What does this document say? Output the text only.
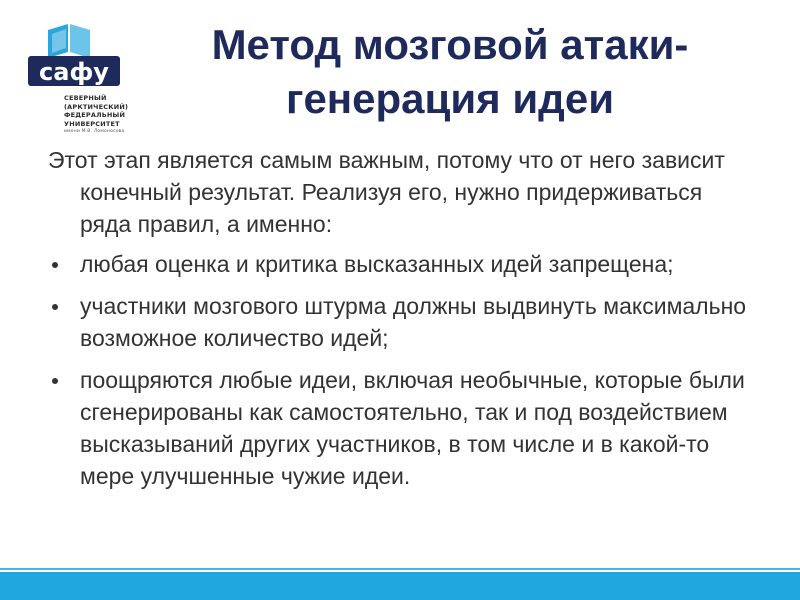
сафу
СЕВЕРНЫЙ
(АРКТИЧЕСКИЙ)
ФЕДЕРАЛЬНЫЙ
УНИВЕРСИТЕТ
имени М.В. Ломоносова
Метод мозговой атаки-
генерация идеи

Этот этап является самым важным, потому что от него зависит конечный результат. Реализуя его, нужно придерживаться ряда правил, а именно:

любая оценка и критика высказанных идей запрещена;
участники мозгового штурма должны выдвинуть максимально возможное количество идей;
поощряются любые идеи, включая необычные, которые были сгенерированы как самостоятельно, так и под воздействием высказываний других участников, в том числе и в какой-то мере улучшенные чужие идеи.
